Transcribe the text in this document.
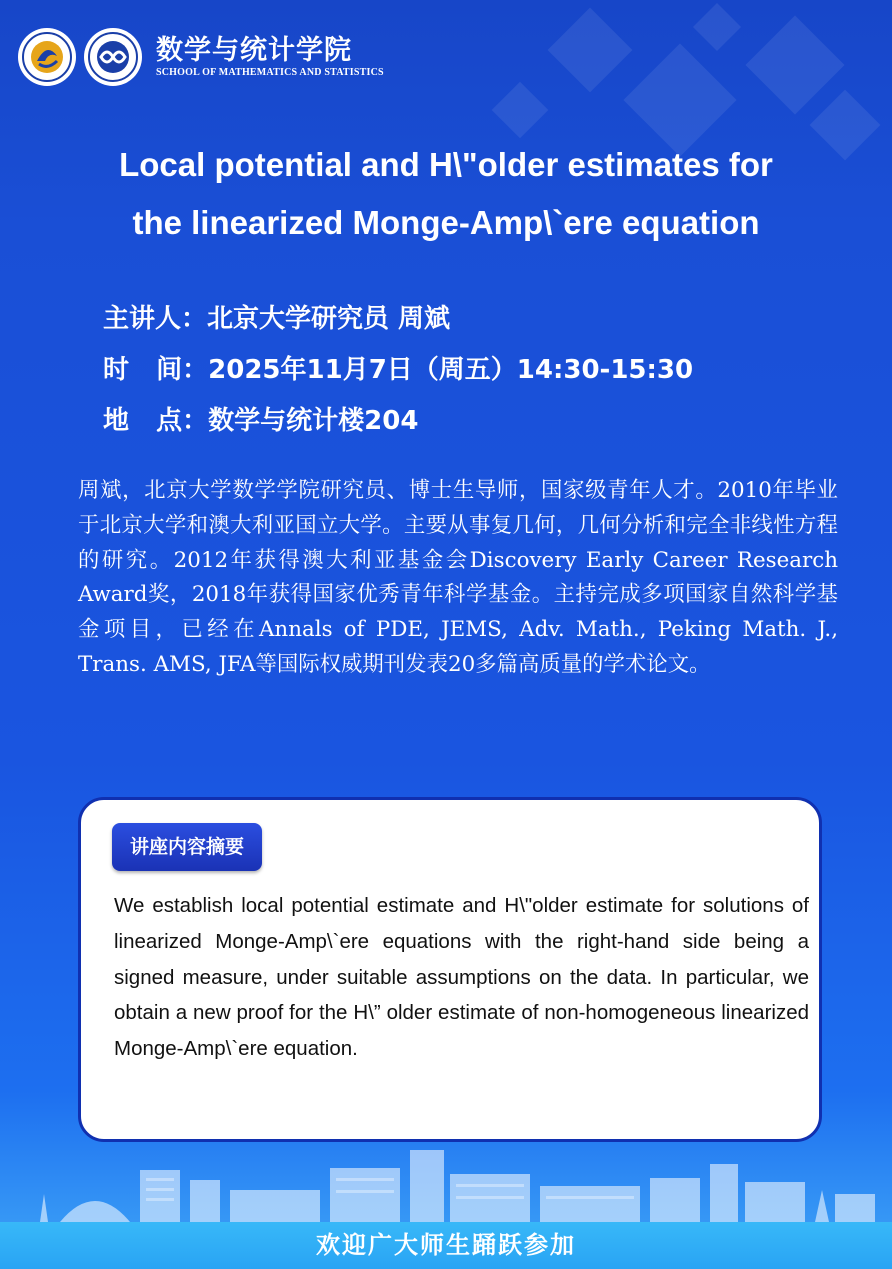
数学与统计学院
SCHOOL OF MATHEMATICS AND STATISTICS
Local potential and H\"older estimates for
the linearized Monge-Amp\`ere equation
主讲人：北京大学研究员 周斌
时   间：2025年11月7日（周五）14:30-15:30
地   点：数学与统计楼204
周斌，北京大学数学学院研究员、博士生导师，国家级青年人才。2010年毕业于北京大学和澳大利亚国立大学。主要从事复几何，几何分析和完全非线性方程的研究。2012年获得澳大利亚基金会Discovery Early Career Research Award奖，2018年获得国家优秀青年科学基金。主持完成多项国家自然科学基金项目，已经在Annals of PDE, JEMS, Adv. Math., Peking Math. J., Trans. AMS, JFA等国际权威期刊发表20多篇高质量的学术论文。
讲座内容摘要
We establish local potential estimate and H\"older estimate for solutions of linearized Monge-Amp\`ere equations with the right-hand side being a signed measure, under suitable assumptions on the data. In particular, we obtain a new proof for the H\” older estimate of non-homogeneous linearized Monge-Amp\`ere equation.
欢迎广大师生踊跃参加
